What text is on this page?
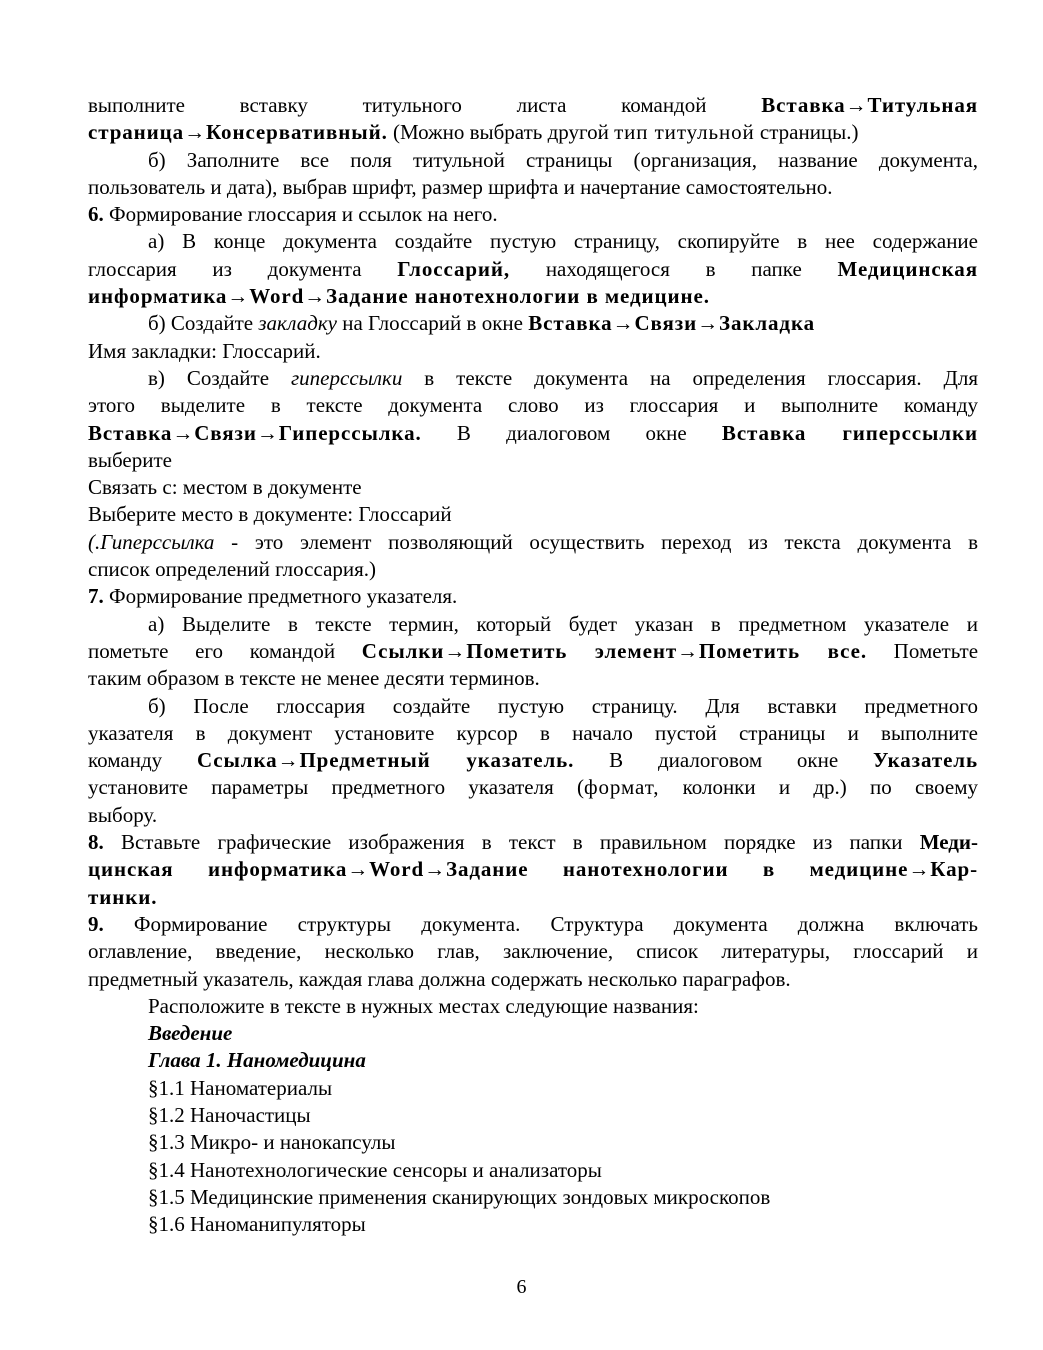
выполните вставку титульного листа командой Вставка→Титульная
страница→Консервативный. (Можно выбрать другой тип титульной страницы.)
б) Заполните все поля титульной страницы (организация, название документа,
пользователь и дата), выбрав шрифт, размер шрифта и начертание самостоятельно.
6. Формирование глоссария и ссылок на него.
а) В конце документа создайте пустую страницу, скопируйте в нее содержание
глоссария из документа Глоссарий, находящегося в папке Медицинская
информатика→Word→Задание нанотехнологии в медицине.
б) Создайте закладку на Глоссарий в окне Вставка→Связи→Закладка
Имя закладки: Глоссарий.
в) Создайте гиперссылки в тексте документа на определения глоссария. Для
этого выделите в тексте документа слово из глоссария и выполните команду
Вставка→Связи→Гиперссылка. В диалоговом окне Вставка гиперссылки
выберите
Связать с: местом в документе
Выберите место в документе: Глоссарий
(.Гиперссылка - это элемент позволяющий осуществить переход из текста документа в
список определений глоссария.)
7. Формирование предметного указателя.
а) Выделите в тексте термин, который будет указан в предметном указателе и
пометьте его командой Ссылки→Пометить элемент→Пометить все. Пометьте
таким образом в тексте не менее десяти терминов.
б) После глоссария создайте пустую страницу. Для вставки предметного
указателя в документ установите курсор в начало пустой страницы и выполните
команду Ссылка→Предметный указатель. В диалоговом окне Указатель
установите параметры предметного указателя (формат, колонки и др.) по своему
выбору.
8. Вставьте графические изображения в текст в правильном порядке из папки Меди-
цинская информатика→Word→Задание нанотехнологии в медицине→Кар-
тинки.
9. Формирование структуры документа. Структура документа должна включать
оглавление, введение, несколько глав, заключение, список литературы, глоссарий и
предметный указатель, каждая глава должна содержать несколько параграфов.
Расположите в тексте в нужных местах следующие названия:
Введение
Глава 1. Наномедицина
§1.1 Наноматериалы
§1.2 Наночастицы
§1.3 Микро- и нанокапсулы
§1.4 Нанотехнологические сенсоры и анализаторы
§1.5 Медицинские применения сканирующих зондовых микроскопов
§1.6 Наноманипуляторы
6
